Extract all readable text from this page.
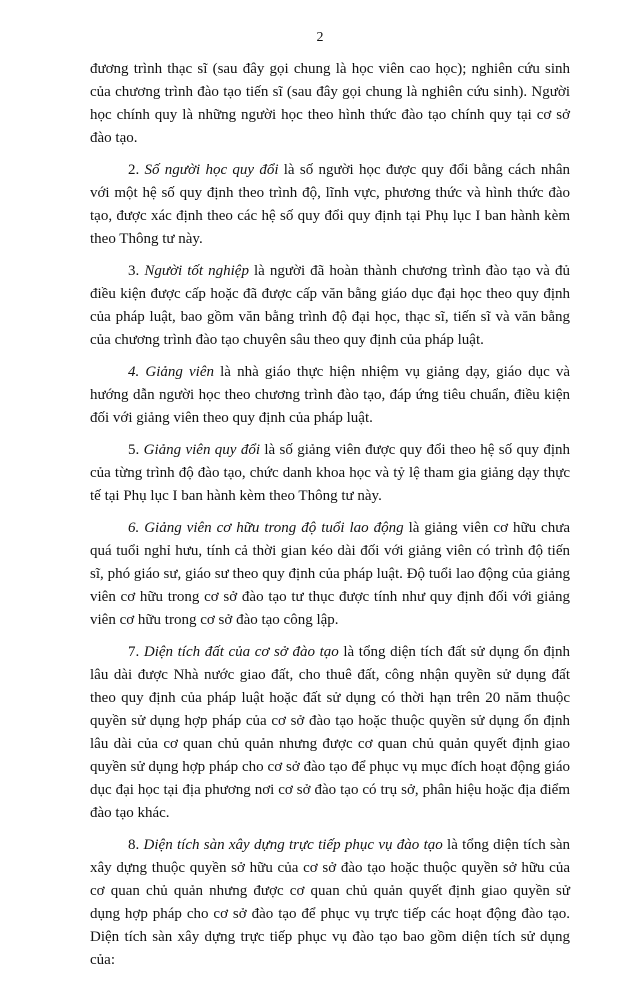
2

đương trình thạc sĩ (sau đây gọi chung là học viên cao học); nghiên cứu sinh của chương trình đào tạo tiến sĩ (sau đây gọi chung là nghiên cứu sinh). Người học chính quy là những người học theo hình thức đào tạo chính quy tại cơ sở đào tạo.

2. Số người học quy đổi là số người học được quy đổi bằng cách nhân với một hệ số quy định theo trình độ, lĩnh vực, phương thức và hình thức đào tạo, được xác định theo các hệ số quy đổi quy định tại Phụ lục I ban hành kèm theo Thông tư này.

3. Người tốt nghiệp là người đã hoàn thành chương trình đào tạo và đủ điều kiện được cấp hoặc đã được cấp văn bằng giáo dục đại học theo quy định của pháp luật, bao gồm văn bằng trình độ đại học, thạc sĩ, tiến sĩ và văn bằng của chương trình đào tạo chuyên sâu theo quy định của pháp luật.

4. Giảng viên là nhà giáo thực hiện nhiệm vụ giảng dạy, giáo dục và hướng dẫn người học theo chương trình đào tạo, đáp ứng tiêu chuẩn, điều kiện đối với giảng viên theo quy định của pháp luật.

5. Giảng viên quy đổi là số giảng viên được quy đổi theo hệ số quy định của từng trình độ đào tạo, chức danh khoa học và tỷ lệ tham gia giảng dạy thực tế tại Phụ lục I ban hành kèm theo Thông tư này.

6. Giảng viên cơ hữu trong độ tuổi lao động là giảng viên cơ hữu chưa quá tuổi nghỉ hưu, tính cả thời gian kéo dài đối với giảng viên có trình độ tiến sĩ, phó giáo sư, giáo sư theo quy định của pháp luật. Độ tuổi lao động của giảng viên cơ hữu trong cơ sở đào tạo tư thục được tính như quy định đối với giảng viên cơ hữu trong cơ sở đào tạo công lập.

7. Diện tích đất của cơ sở đào tạo là tổng diện tích đất sử dụng ổn định lâu dài được Nhà nước giao đất, cho thuê đất, công nhận quyền sử dụng đất theo quy định của pháp luật hoặc đất sử dụng có thời hạn trên 20 năm thuộc quyền sử dụng hợp pháp của cơ sở đào tạo hoặc thuộc quyền sử dụng ổn định lâu dài của cơ quan chủ quản nhưng được cơ quan chủ quản quyết định giao quyền sử dụng hợp pháp cho cơ sở đào tạo để phục vụ mục đích hoạt động giáo dục đại học tại địa phương nơi cơ sở đào tạo có trụ sở, phân hiệu hoặc địa điểm đào tạo khác.

8. Diện tích sàn xây dựng trực tiếp phục vụ đào tạo là tổng diện tích sàn xây dựng thuộc quyền sở hữu của cơ sở đào tạo hoặc thuộc quyền sở hữu của cơ quan chủ quản nhưng được cơ quan chủ quản quyết định giao quyền sử dụng hợp pháp cho cơ sở đào tạo để phục vụ trực tiếp các hoạt động đào tạo. Diện tích sàn xây dựng trực tiếp phục vụ đào tạo bao gồm diện tích sử dụng của:
